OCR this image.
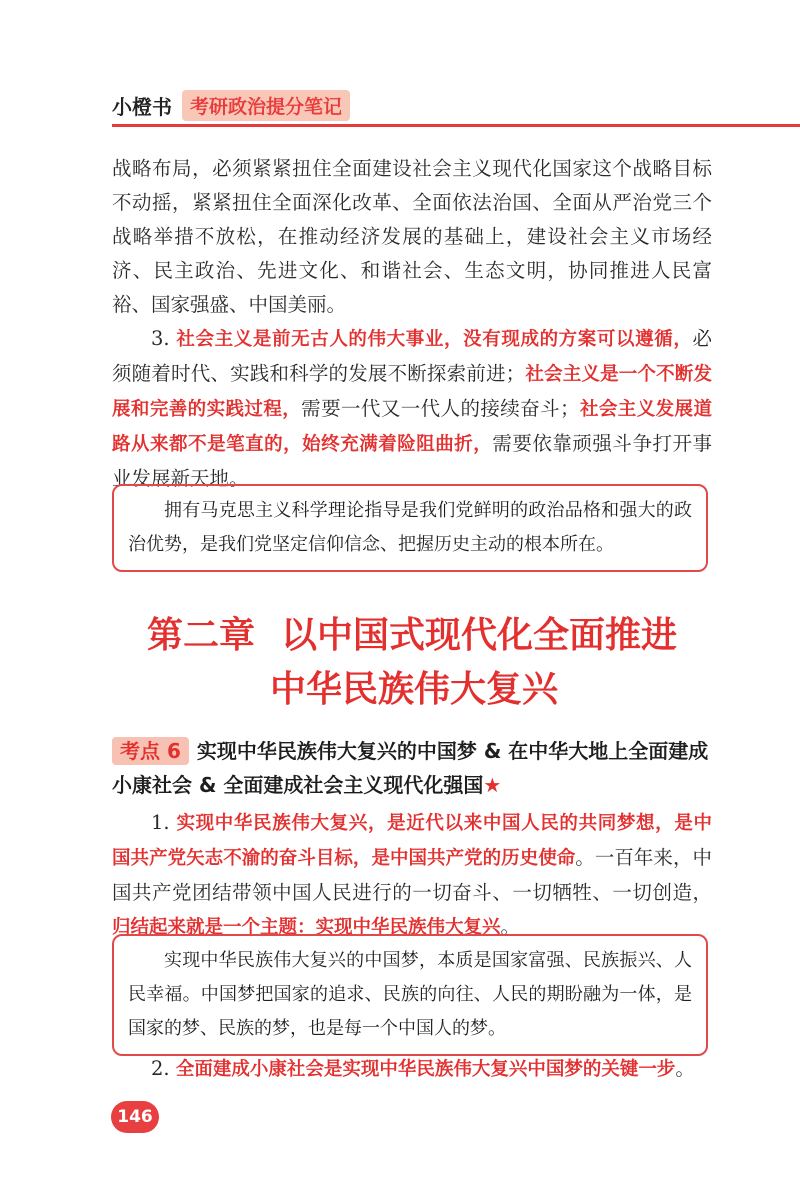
小橙书 考研政治提分笔记

战略布局，必须紧紧扭住全面建设社会主义现代化国家这个战略目标不动摇，紧紧扭住全面深化改革、全面依法治国、全面从严治党三个战略举措不放松，在推动经济发展的基础上，建设社会主义市场经济、民主政治、先进文化、和谐社会、生态文明，协同推进人民富裕、国家强盛、中国美丽。

3. 社会主义是前无古人的伟大事业，没有现成的方案可以遵循，必须随着时代、实践和科学的发展不断探索前进；社会主义是一个不断发展和完善的实践过程，需要一代又一代人的接续奋斗；社会主义发展道路从来都不是笔直的，始终充满着险阻曲折，需要依靠顽强斗争打开事业发展新天地。

拥有马克思主义科学理论指导是我们党鲜明的政治品格和强大的政治优势，是我们党坚定信仰信念、把握历史主动的根本所在。
第二章 以中国式现代化全面推进
中华民族伟大复兴
考点 6 实现中华民族伟大复兴的中国梦 & 在中华大地上全面建成小康社会 & 全面建成社会主义现代化强国★

1. 实现中华民族伟大复兴，是近代以来中国人民的共同梦想，是中国共产党矢志不渝的奋斗目标，是中国共产党的历史使命。一百年来，中国共产党团结带领中国人民进行的一切奋斗、一切牺牲、一切创造，归结起来就是一个主题：实现中华民族伟大复兴。

实现中华民族伟大复兴的中国梦，本质是国家富强、民族振兴、人民幸福。中国梦把国家的追求、民族的向往、人民的期盼融为一体，是国家的梦、民族的梦，也是每一个中国人的梦。

2. 全面建成小康社会是实现中华民族伟大复兴中国梦的关键一步。

146
